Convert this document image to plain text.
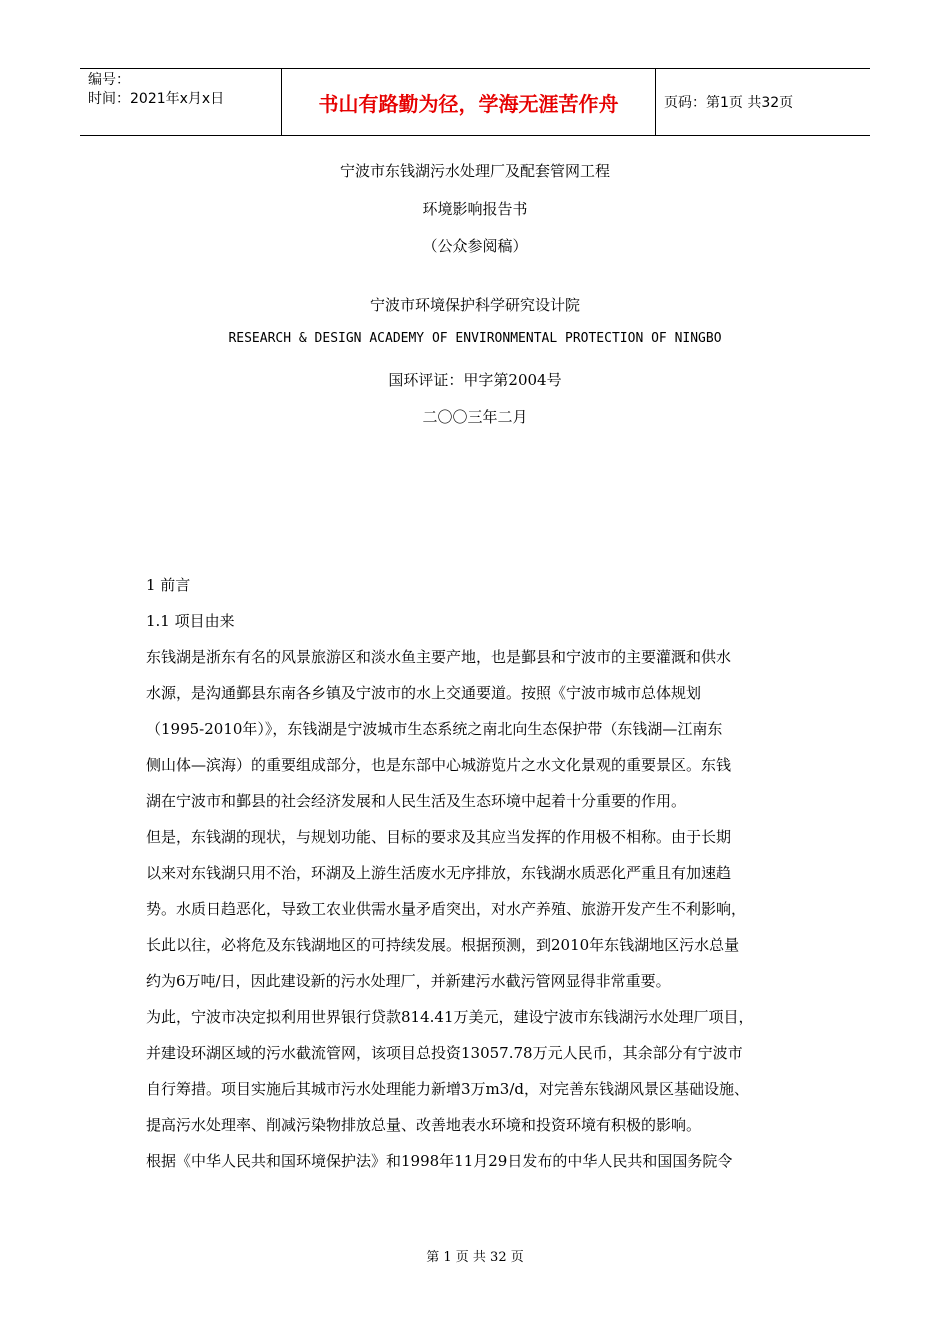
编号：
时间：2021年x月x日	书山有路勤为径，学海无涯苦作舟	页码：第1页 共32页
宁波市东钱湖污水处理厂及配套管网工程
环境影响报告书
（公众参阅稿）
宁波市环境保护科学研究设计院
RESEARCH & DESIGN ACADEMY OF ENVIRONMENTAL PROTECTION OF NINGBO
国环评证：甲字第2004号
二〇〇三年二月

1 前言

1.1 项目由来

东钱湖是浙东有名的风景旅游区和淡水鱼主要产地，也是鄞县和宁波市的主要灌溉和供水

水源，是沟通鄞县东南各乡镇及宁波市的水上交通要道。按照《宁波市城市总体规划

（1995-2010年）》，东钱湖是宁波城市生态系统之南北向生态保护带（东钱湖—江南东

侧山体—滨海）的重要组成部分，也是东部中心城游览片之水文化景观的重要景区。东钱

湖在宁波市和鄞县的社会经济发展和人民生活及生态环境中起着十分重要的作用。

但是，东钱湖的现状，与规划功能、目标的要求及其应当发挥的作用极不相称。由于长期

以来对东钱湖只用不治，环湖及上游生活废水无序排放，东钱湖水质恶化严重且有加速趋

势。水质日趋恶化，导致工农业供需水量矛盾突出，对水产养殖、旅游开发产生不利影响，

长此以往，必将危及东钱湖地区的可持续发展。根据预测，到2010年东钱湖地区污水总量

约为6万吨/日，因此建设新的污水处理厂，并新建污水截污管网显得非常重要。

为此，宁波市决定拟利用世界银行贷款814.41万美元，建设宁波市东钱湖污水处理厂项目，

并建设环湖区域的污水截流管网，该项目总投资13057.78万元人民币，其余部分有宁波市

自行筹措。项目实施后其城市污水处理能力新增3万m3/d，对完善东钱湖风景区基础设施、

提高污水处理率、削减污染物排放总量、改善地表水环境和投资环境有积极的影响。

根据《中华人民共和国环境保护法》和1998年11月29日发布的中华人民共和国国务院令

第 1 页 共 32 页
